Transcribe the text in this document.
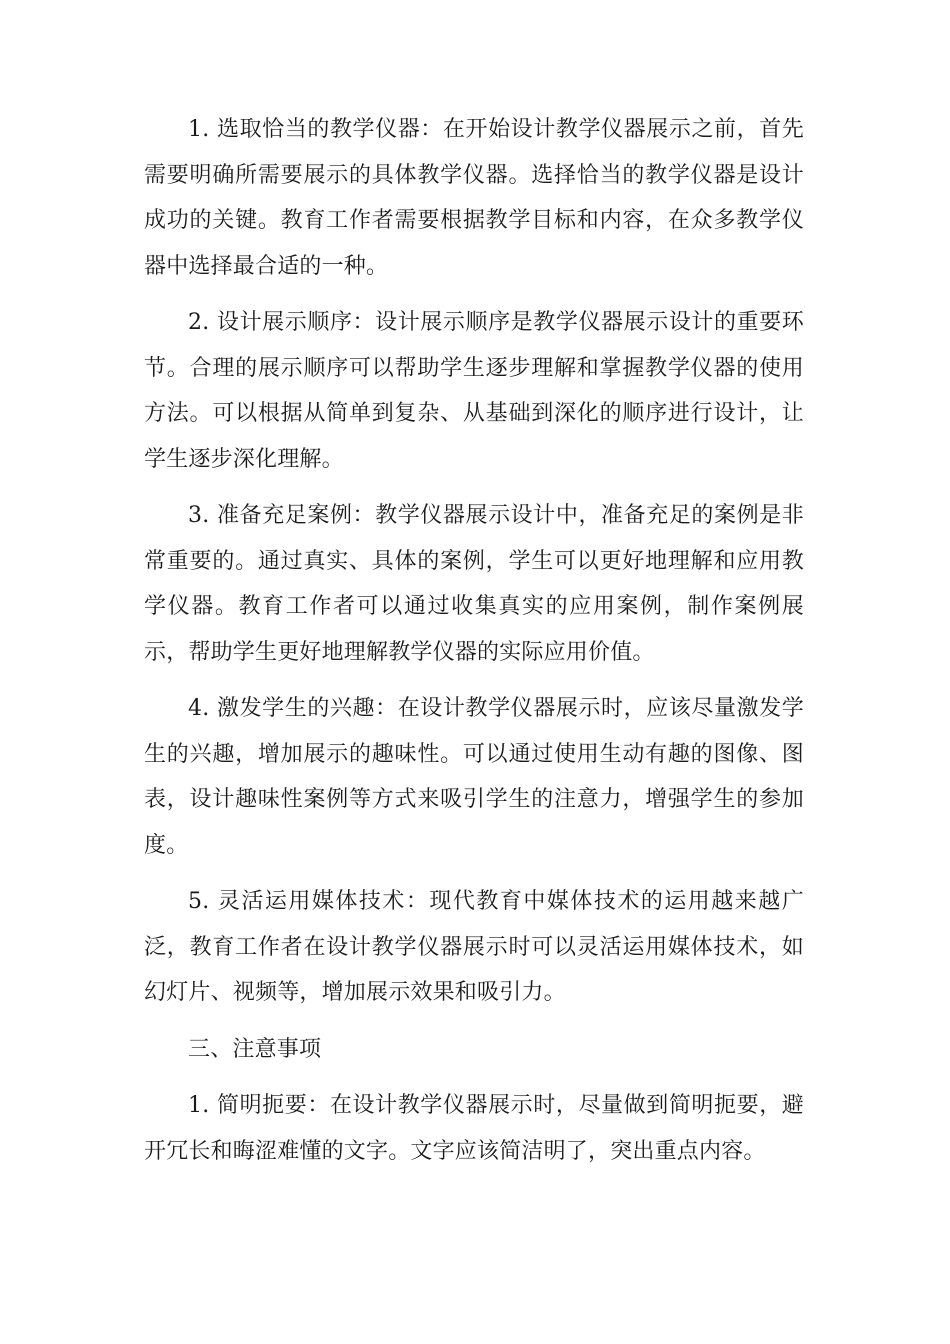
1. 选取恰当的教学仪器：在开始设计教学仪器展示之前，首先需要明确所需要展示的具体教学仪器。选择恰当的教学仪器是设计成功的关键。教育工作者需要根据教学目标和内容，在众多教学仪器中选择最合适的一种。

2. 设计展示顺序：设计展示顺序是教学仪器展示设计的重要环节。合理的展示顺序可以帮助学生逐步理解和掌握教学仪器的使用方法。可以根据从简单到复杂、从基础到深化的顺序进行设计，让学生逐步深化理解。

3. 准备充足案例：教学仪器展示设计中，准备充足的案例是非常重要的。通过真实、具体的案例，学生可以更好地理解和应用教学仪器。教育工作者可以通过收集真实的应用案例，制作案例展示，帮助学生更好地理解教学仪器的实际应用价值。

4. 激发学生的兴趣：在设计教学仪器展示时，应该尽量激发学生的兴趣，增加展示的趣味性。可以通过使用生动有趣的图像、图表，设计趣味性案例等方式来吸引学生的注意力，增强学生的参加度。

5. 灵活运用媒体技术：现代教育中媒体技术的运用越来越广泛，教育工作者在设计教学仪器展示时可以灵活运用媒体技术，如幻灯片、视频等，增加展示效果和吸引力。

三、注意事项

1. 简明扼要：在设计教学仪器展示时，尽量做到简明扼要，避开冗长和晦涩难懂的文字。文字应该简洁明了，突出重点内容。
